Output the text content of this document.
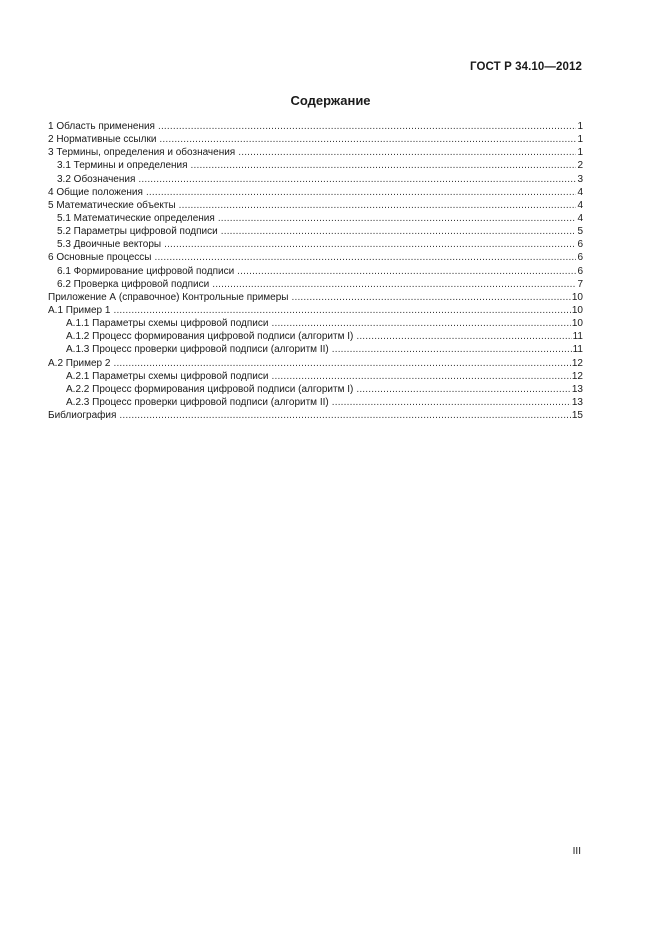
ГОСТ Р 34.10—2012
Содержание
1 Область применения .....	1
2 Нормативные ссылки .....	1
3 Термины, определения и обозначения .....	1
3.1 Термины и определения .....	2
3.2 Обозначения .....	3
4 Общие положения .....	4
5 Математические объекты .....	4
5.1 Математические определения .....	4
5.2 Параметры цифровой подписи .....	5
5.3 Двоичные векторы .....	6
6 Основные процессы .....	6
6.1 Формирование цифровой подписи .....	6
6.2 Проверка цифровой подписи .....	7
Приложение А (справочное) Контрольные примеры .....	10
А.1 Пример 1 .....	10
А.1.1 Параметры схемы цифровой подписи .....	10
А.1.2 Процесс формирования цифровой подписи (алгоритм I) .....	11
А.1.3 Процесс проверки цифровой подписи (алгоритм II) .....	11
А.2 Пример 2 .....	12
А.2.1 Параметры схемы цифровой подписи .....	12
А.2.2 Процесс формирования цифровой подписи (алгоритм I) .....	13
А.2.3 Процесс проверки цифровой подписи (алгоритм II) .....	13
Библиография .....	15
III
